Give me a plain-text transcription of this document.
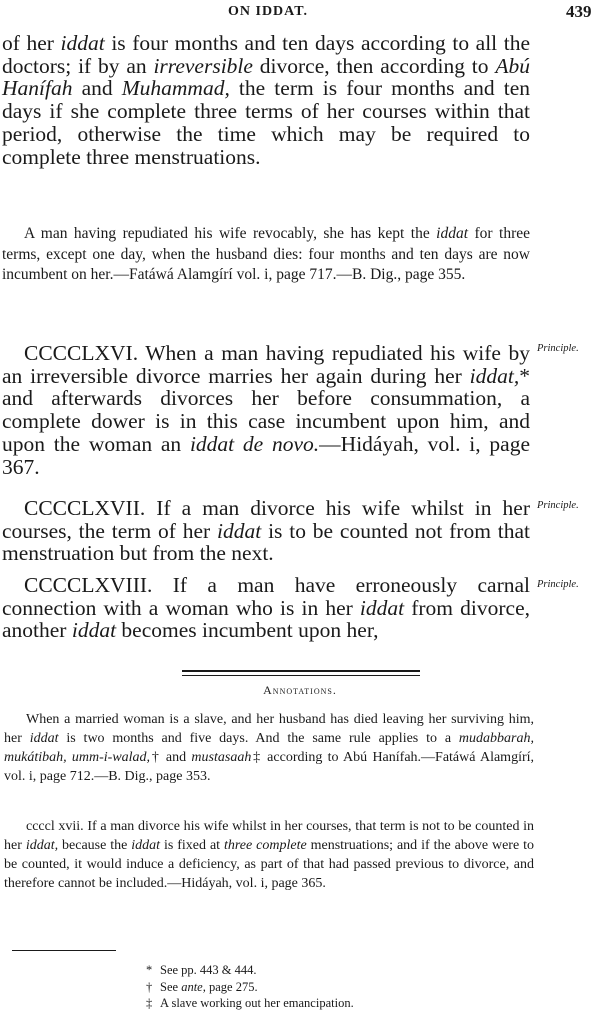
ON IDDAT.	439
of her iddat is four months and ten days according to all the doctors; if by an irreversible divorce, then according to Abú Hanífah and Muhammad, the term is four months and ten days if she complete three terms of her courses within that period, otherwise the time which may be required to complete three menstruations.
A man having repudiated his wife revocably, she has kept the iddat for three terms, except one day, when the husband dies: four months and ten days are now incumbent on her.—Fatáwá Alamgírí vol. i, page 717.—B. Dig., page 355.
CCCCLXVI. When a man having repudiated his wife by an irreversible divorce marries her again during her iddat,* and afterwards divorces her before consummation, a complete dower is in this case incumbent upon him, and upon the woman an iddat de novo.—Hidáyah, vol. i, page 367.
Principle.
CCCCLXVII. If a man divorce his wife whilst in her courses, the term of her iddat is to be counted not from that menstruation but from the next.
Principle.
CCCCLXVIII. If a man have erroneously carnal connection with a woman who is in her iddat from divorce, another iddat becomes incumbent upon her,
Principle.
Annotations.
When a married woman is a slave, and her husband has died leaving her surviving him, her iddat is two months and five days. And the same rule applies to a mudabbarah, mukátibah, umm-i-walad,† and mustasaah‡ according to Abú Hanífah.—Fatáwá Alamgírí, vol. i, page 712.—B. Dig., page 353.
ccccl xvii. If a man divorce his wife whilst in her courses, that term is not to be counted in her iddat, because the iddat is fixed at three complete menstruations; and if the above were to be counted, it would induce a deficiency, as part of that had passed previous to divorce, and therefore cannot be included.—Hidáyah, vol. i, page 365.
* See pp. 443 & 444.
† See ante, page 275.
‡ A slave working out her emancipation.
